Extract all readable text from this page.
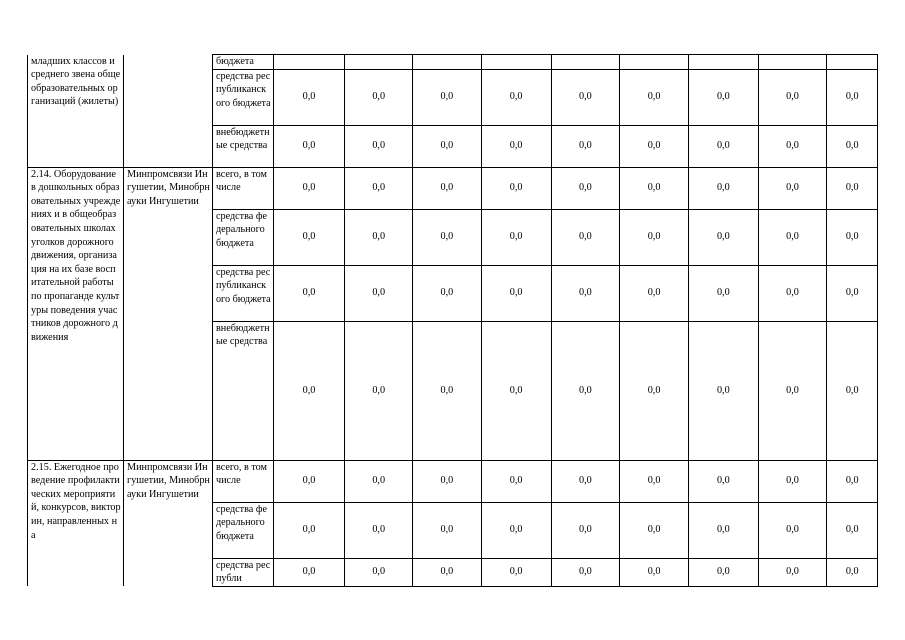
младших классов и среднего звена общеобразовательных организаций (жилеты)		бюджета									
		средства республиканского бюджета	0,0	0,0	0,0	0,0	0,0	0,0	0,0	0,0	0,0
		внебюджетные средства	0,0	0,0	0,0	0,0	0,0	0,0	0,0	0,0	0,0
2.14. Оборудование в дошкольных образовательных учреждениях и в общеобразовательных школах уголков дорожного движения, организация на их базе воспитательной работы по пропаганде культуры поведения участников дорожного движения	Минпромсвязи Ингушетии, Минобрнауки Ингушетии	всего, в том числе	0,0	0,0	0,0	0,0	0,0	0,0	0,0	0,0	0,0
		средства федерального бюджета	0,0	0,0	0,0	0,0	0,0	0,0	0,0	0,0	0,0
		средства республиканского бюджета	0,0	0,0	0,0	0,0	0,0	0,0	0,0	0,0	0,0
		внебюджетные средства	0,0	0,0	0,0	0,0	0,0	0,0	0,0	0,0	0,0
2.15. Ежегодное проведение профилактических мероприятий, конкурсов, викторин, направленных на	Минпромсвязи Ингушетии, Минобрнауки Ингушетии	всего, в том числе	0,0	0,0	0,0	0,0	0,0	0,0	0,0	0,0	0,0
		средства федерального бюджета	0,0	0,0	0,0	0,0	0,0	0,0	0,0	0,0	0,0
		средства республи	0,0	0,0	0,0	0,0	0,0	0,0	0,0	0,0	0,0
